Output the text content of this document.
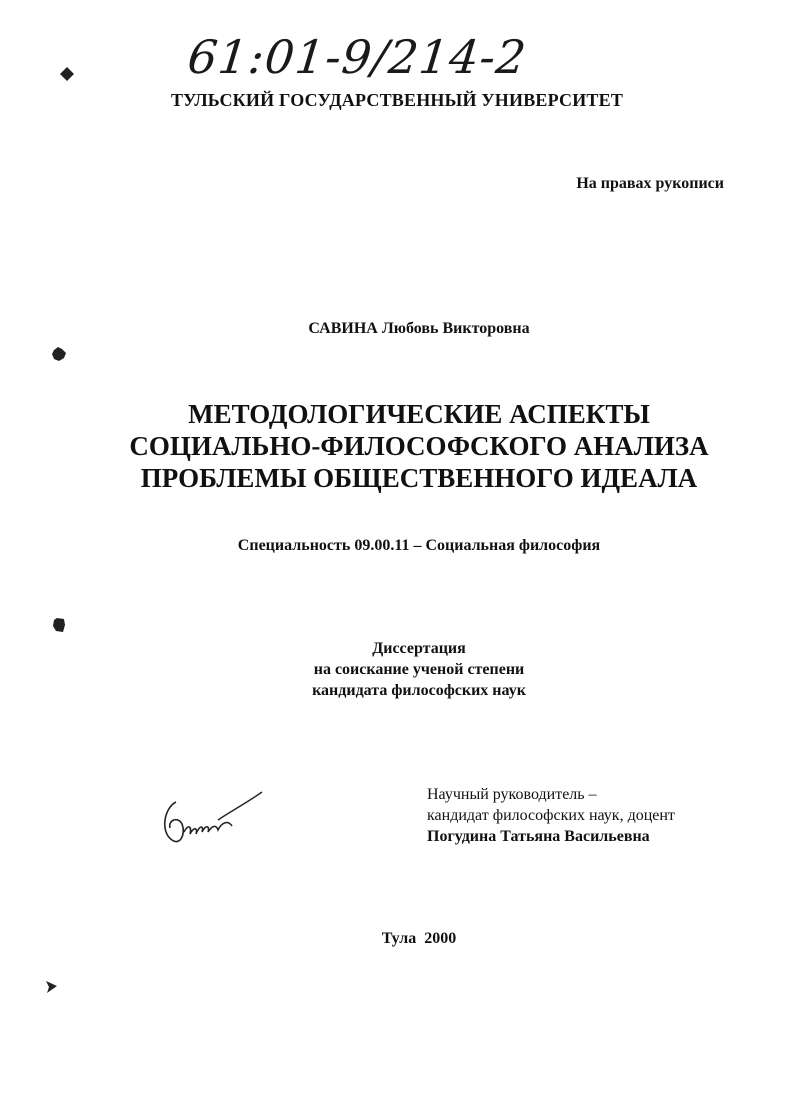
61:01-9/214-2
ТУЛЬСКИЙ ГОСУДАРСТВЕННЫЙ УНИВЕРСИТЕТ
На правах рукописи
САВИНА Любовь Викторовна
МЕТОДОЛОГИЧЕСКИЕ АСПЕКТЫ
СОЦИАЛЬНО-ФИЛОСОФСКОГО АНАЛИЗА
ПРОБЛЕМЫ ОБЩЕСТВЕННОГО ИДЕАЛА
Специальность 09.00.11 – Социальная философия
Диссертация
на соискание ученой степени
кандидата философских наук
Научный руководитель –
кандидат философских наук, доцент
Погудина Татьяна Васильевна
Тула 2000
